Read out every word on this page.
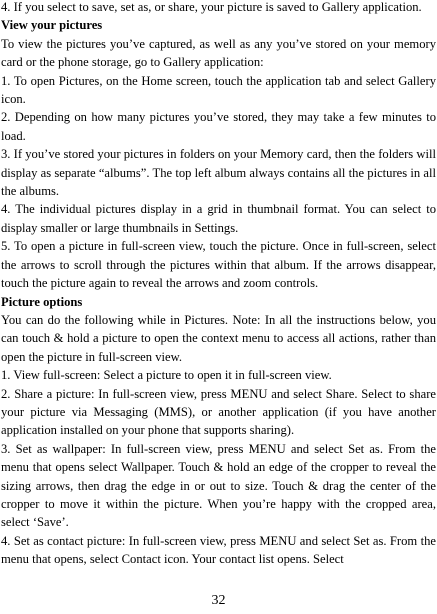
4. If you select to save, set as, or share, your picture is saved to Gallery application.

View your pictures

To view the pictures you’ve captured, as well as any you’ve stored on your memory card or the phone storage, go to Gallery application:

1. To open Pictures, on the Home screen, touch the application tab and select Gallery icon.

2. Depending on how many pictures you’ve stored, they may take a few minutes to load.

3. If you’ve stored your pictures in folders on your Memory card, then the folders will display as separate “albums”. The top left album always contains all the pictures in all the albums.

4. The individual pictures display in a grid in thumbnail format. You can select to display smaller or large thumbnails in Settings.

5. To open a picture in full-screen view, touch the picture. Once in full-screen, select the arrows to scroll through the pictures within that album. If the arrows disappear, touch the picture again to reveal the arrows and zoom controls.

Picture options

You can do the following while in Pictures. Note: In all the instructions below, you can touch & hold a picture to open the context menu to access all actions, rather than open the picture in full-screen view.

1. View full-screen: Select a picture to open it in full-screen view.

2. Share a picture: In full-screen view, press MENU and select Share. Select to share your picture via Messaging (MMS), or another application (if you have another application installed on your phone that supports sharing).

3. Set as wallpaper: In full-screen view, press MENU and select Set as. From the menu that opens select Wallpaper. Touch & hold an edge of the cropper to reveal the sizing arrows, then drag the edge in or out to size. Touch & drag the center of the cropper to move it within the picture. When you’re happy with the cropped area, select ‘Save’.

4. Set as contact picture: In full-screen view, press MENU and select Set as. From the menu that opens, select Contact icon. Your contact list opens. Select

32
